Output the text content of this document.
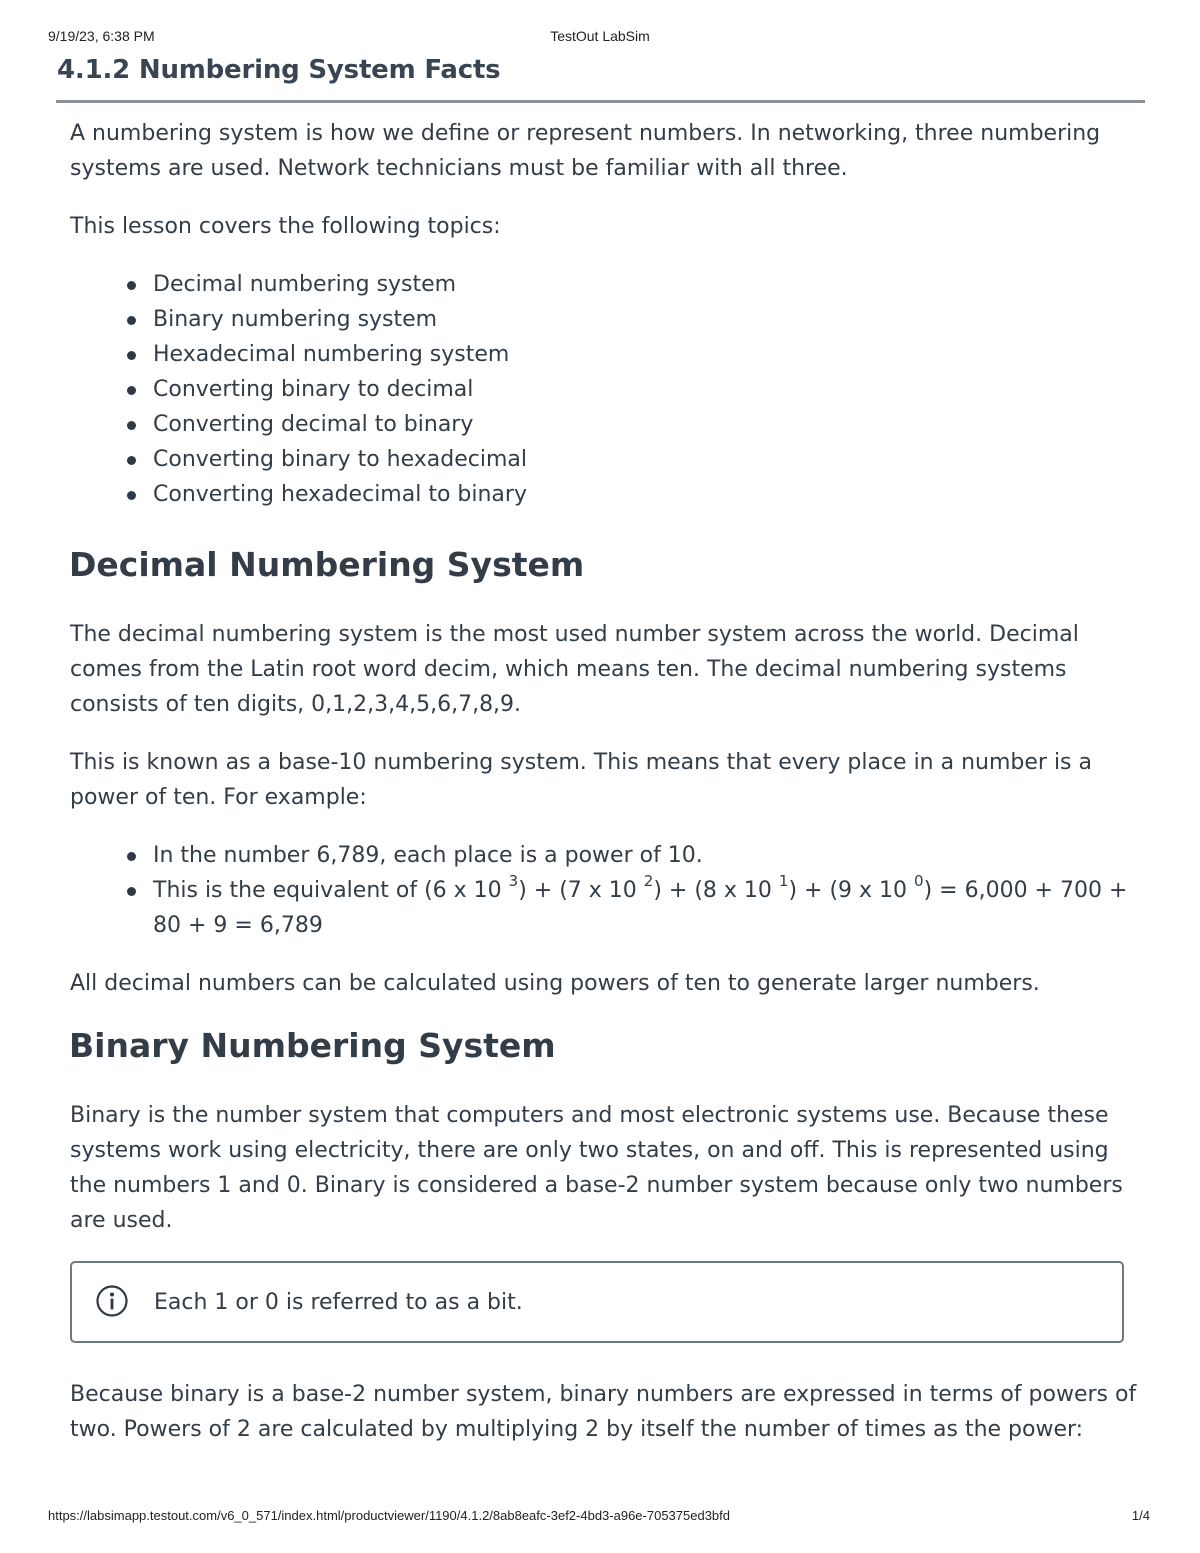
9/19/23, 6:38 PM	TestOut LabSim
4.1.2 Numbering System Facts

A numbering system is how we define or represent numbers. In networking, three numbering systems are used. Network technicians must be familiar with all three.

This lesson covers the following topics:

Decimal numbering system
Binary numbering system
Hexadecimal numbering system
Converting binary to decimal
Converting decimal to binary
Converting binary to hexadecimal
Converting hexadecimal to binary
Decimal Numbering System

The decimal numbering system is the most used number system across the world. Decimal comes from the Latin root word decim, which means ten. The decimal numbering systems consists of ten digits, 0,1,2,3,4,5,6,7,8,9.

This is known as a base-10 numbering system. This means that every place in a number is a power of ten. For example:

In the number 6,789, each place is a power of 10.
This is the equivalent of (6 x 10 $^3$) + (7 x 10 $^2$) + (8 x 10 $^1$) + (9 x 10 $^0$) = 6,000 + 700 + 80 + 9 = 6,789

All decimal numbers can be calculated using powers of ten to generate larger numbers.

Binary Numbering System

Binary is the number system that computers and most electronic systems use. Because these systems work using electricity, there are only two states, on and off. This is represented using the numbers 1 and 0. Binary is considered a base-2 number system because only two numbers are used.

Each 1 or 0 is referred to as a bit.

Because binary is a base-2 number system, binary numbers are expressed in terms of powers of two. Powers of 2 are calculated by multiplying 2 by itself the number of times as the power:

https://labsimapp.testout.com/v6_0_571/index.html/productviewer/1190/4.1.2/8ab8eafc-3ef2-4bd3-a96e-705375ed3bfd	1/4
